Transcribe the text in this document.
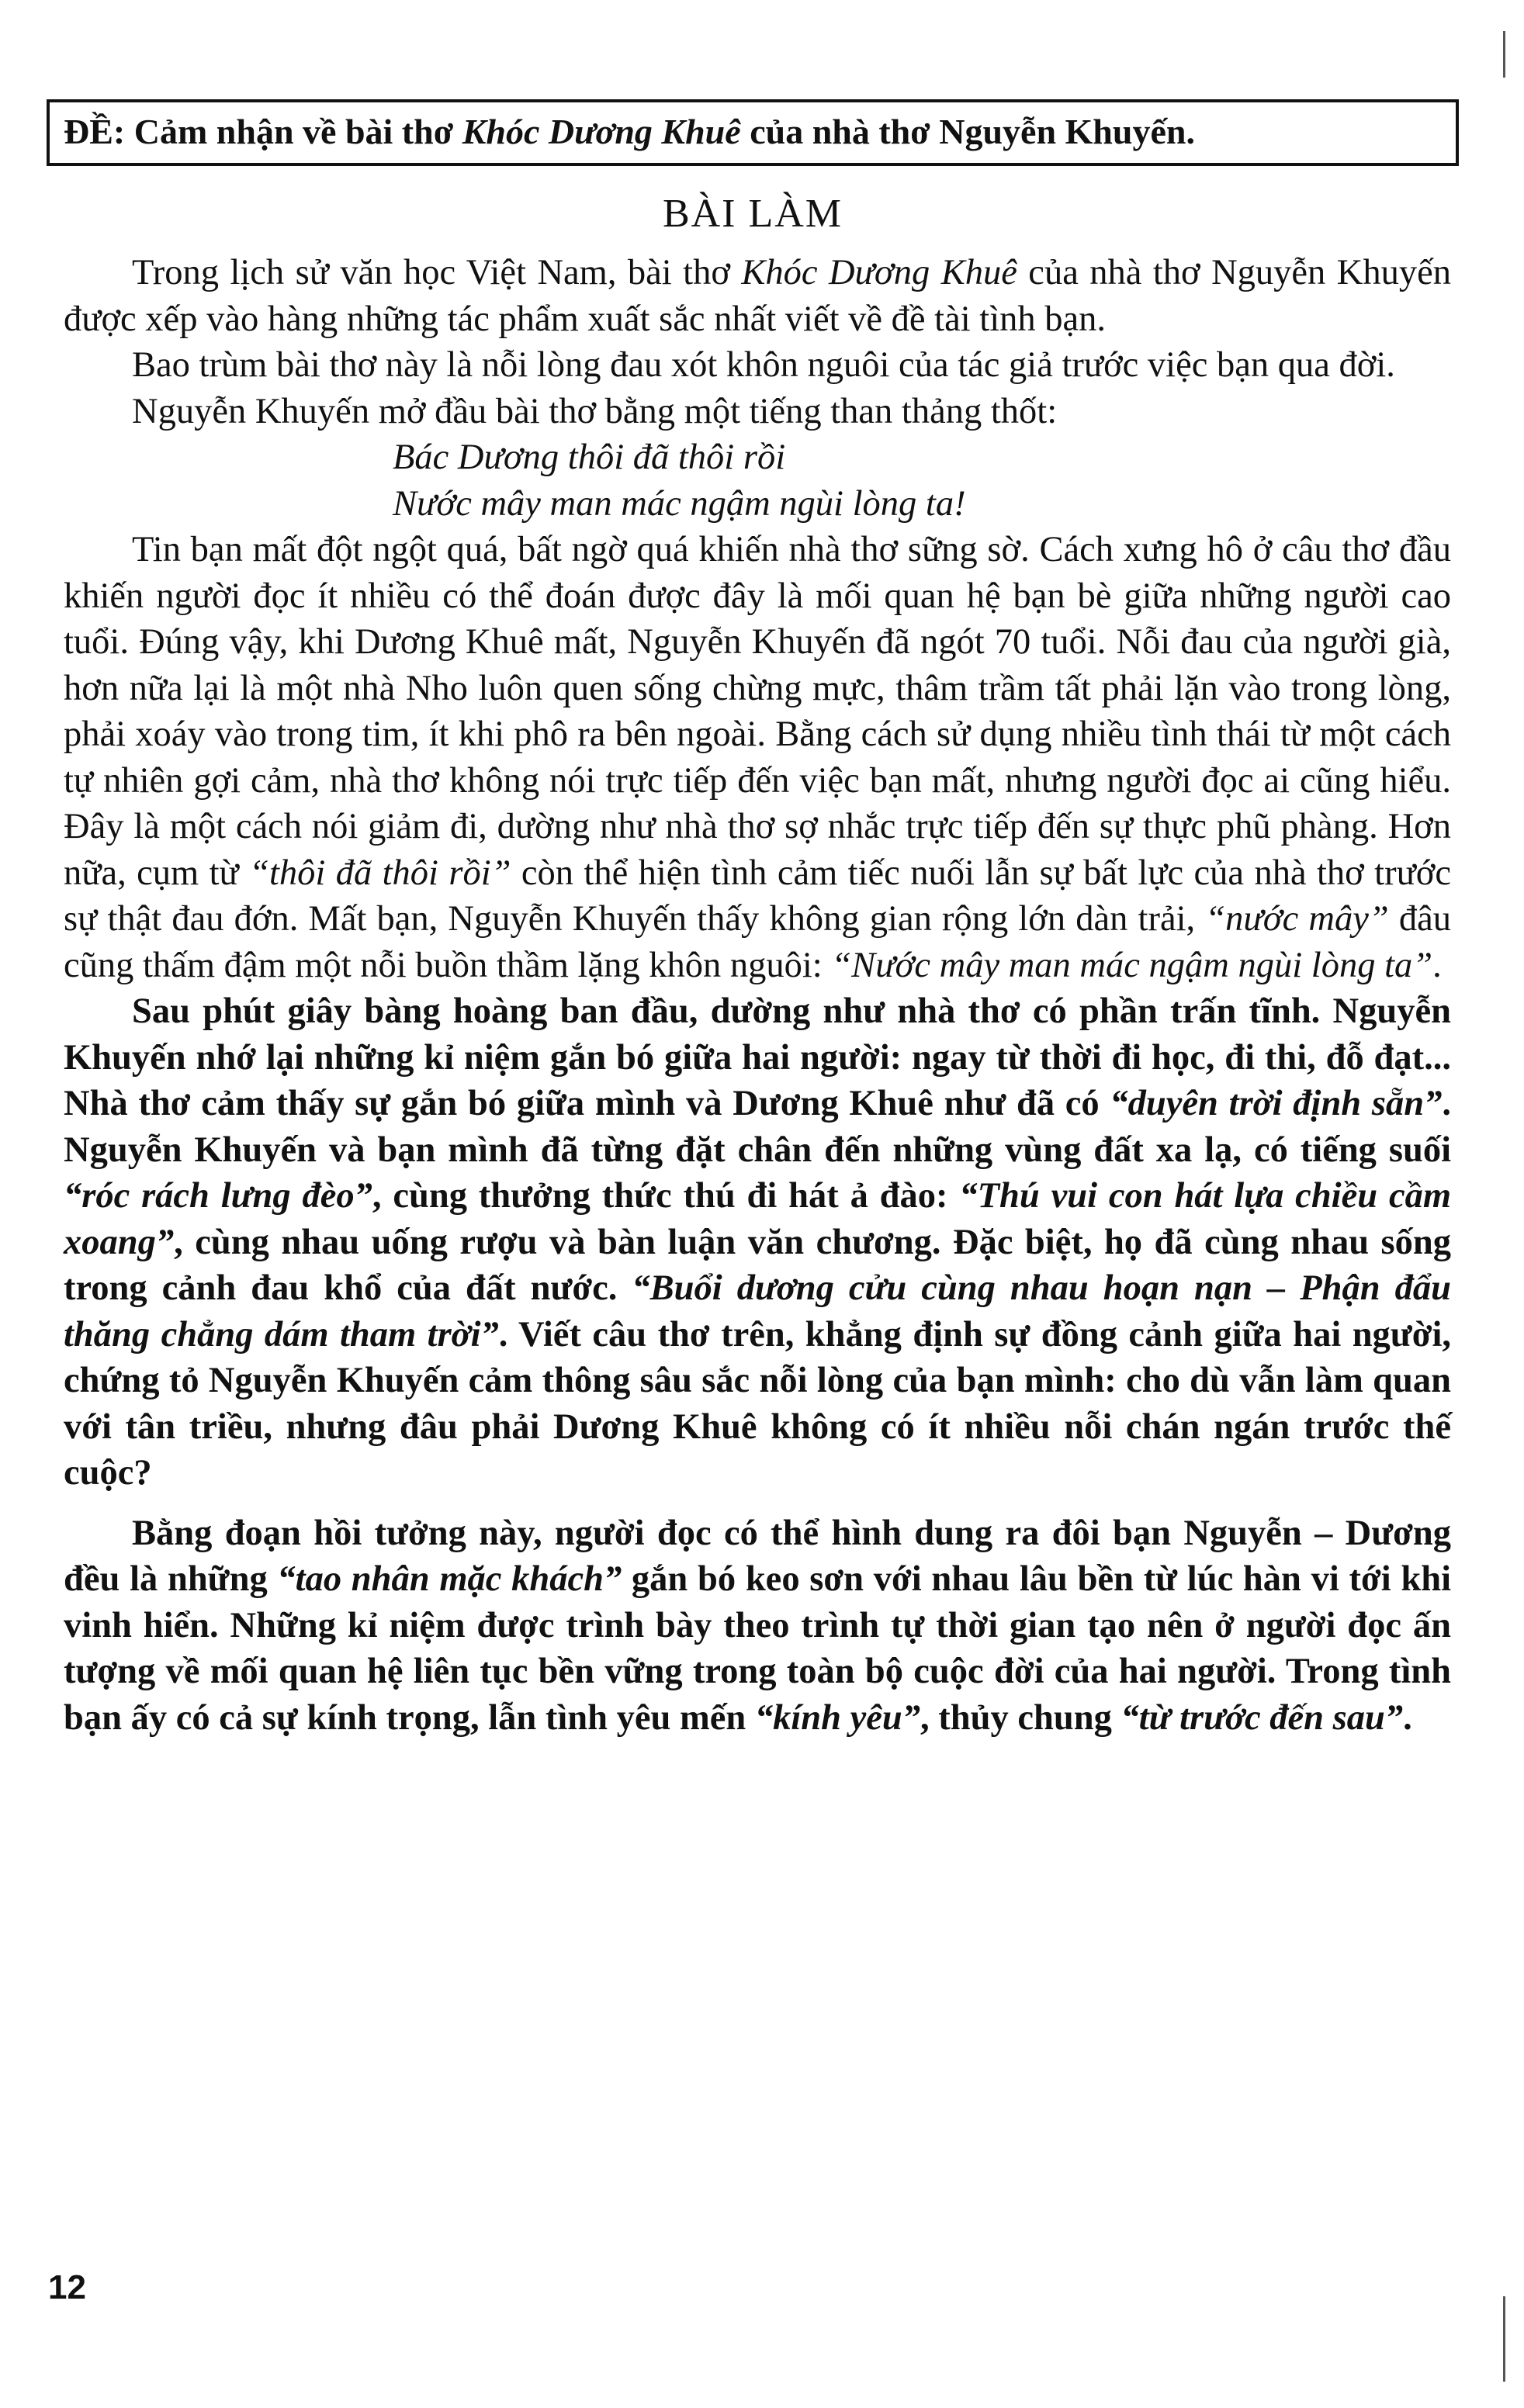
ĐỀ: Cảm nhận về bài thơ Khóc Dương Khuê của nhà thơ Nguyễn Khuyến.
BÀI LÀM

Trong lịch sử văn học Việt Nam, bài thơ Khóc Dương Khuê của nhà thơ Nguyễn Khuyến được xếp vào hàng những tác phẩm xuất sắc nhất viết về đề tài tình bạn.

Bao trùm bài thơ này là nỗi lòng đau xót khôn nguôi của tác giả trước việc bạn qua đời.

Nguyễn Khuyến mở đầu bài thơ bằng một tiếng than thảng thốt:

Bác Dương thôi đã thôi rồi

Nước mây man mác ngậm ngùi lòng ta!

Tin bạn mất đột ngột quá, bất ngờ quá khiến nhà thơ sững sờ. Cách xưng hô ở câu thơ đầu khiến người đọc ít nhiều có thể đoán được đây là mối quan hệ bạn bè giữa những người cao tuổi. Đúng vậy, khi Dương Khuê mất, Nguyễn Khuyến đã ngót 70 tuổi. Nỗi đau của người già, hơn nữa lại là một nhà Nho luôn quen sống chừng mực, thâm trầm tất phải lặn vào trong lòng, phải xoáy vào trong tim, ít khi phô ra bên ngoài. Bằng cách sử dụng nhiều tình thái từ một cách tự nhiên gợi cảm, nhà thơ không nói trực tiếp đến việc bạn mất, nhưng người đọc ai cũng hiểu. Đây là một cách nói giảm đi, dường như nhà thơ sợ nhắc trực tiếp đến sự thực phũ phàng. Hơn nữa, cụm từ “thôi đã thôi rồi” còn thể hiện tình cảm tiếc nuối lẫn sự bất lực của nhà thơ trước sự thật đau đớn. Mất bạn, Nguyễn Khuyến thấy không gian rộng lớn dàn trải, “nước mây” đâu cũng thấm đậm một nỗi buồn thầm lặng khôn nguôi: “Nước mây man mác ngậm ngùi lòng ta”.

Sau phút giây bàng hoàng ban đầu, dường như nhà thơ có phần trấn tĩnh. Nguyễn Khuyến nhớ lại những kỉ niệm gắn bó giữa hai người: ngay từ thời đi học, đi thi, đỗ đạt... Nhà thơ cảm thấy sự gắn bó giữa mình và Dương Khuê như đã có “duyên trời định sẵn”. Nguyễn Khuyến và bạn mình đã từng đặt chân đến những vùng đất xa lạ, có tiếng suối “róc rách lưng đèo”, cùng thưởng thức thú đi hát ả đào: “Thú vui con hát lựa chiều cầm xoang”, cùng nhau uống rượu và bàn luận văn chương. Đặc biệt, họ đã cùng nhau sống trong cảnh đau khổ của đất nước. “Buổi dương cửu cùng nhau hoạn nạn – Phận đẩu thăng chẳng dám tham trời”. Viết câu thơ trên, khẳng định sự đồng cảnh giữa hai người, chứng tỏ Nguyễn Khuyến cảm thông sâu sắc nỗi lòng của bạn mình: cho dù vẫn làm quan với tân triều, nhưng đâu phải Dương Khuê không có ít nhiều nỗi chán ngán trước thế cuộc?

Bằng đoạn hồi tưởng này, người đọc có thể hình dung ra đôi bạn Nguyễn – Dương đều là những “tao nhân mặc khách” gắn bó keo sơn với nhau lâu bền từ lúc hàn vi tới khi vinh hiển. Những kỉ niệm được trình bày theo trình tự thời gian tạo nên ở người đọc ấn tượng về mối quan hệ liên tục bền vững trong toàn bộ cuộc đời của hai người. Trong tình bạn ấy có cả sự kính trọng, lẫn tình yêu mến “kính yêu”, thủy chung “từ trước đến sau”.

12
